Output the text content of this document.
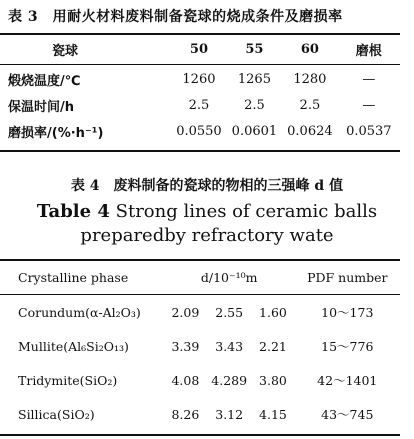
表 3　用耐火材料废料制备瓷球的烧成条件及磨损率
瓷球	50	55	60	磨根

煅烧温度/℃	1260	1265	1280	—
保温时间/h	2.5	2.5	2.5	—
磨损率/(%·h⁻¹)	0.0550	0.0601	0.0624	0.0537
表 4　废料制备的瓷球的物相的三强峰 d 值
Table 4 Strong lines of ceramic balls preparedby refractory wate
Crystalline phase	d/10⁻¹⁰m			PDF number

Corundum(α-Al₂O₃)	2.09	2.55	1.60	10～173
Mullite(Al₆Si₂O₁₃)	3.39	3.43	2.21	15～776
Tridymite(SiO₂)	4.08	4.289	3.80	42～1401
Sillica(SiO₂)	8.26	3.12	4.15	43～745
